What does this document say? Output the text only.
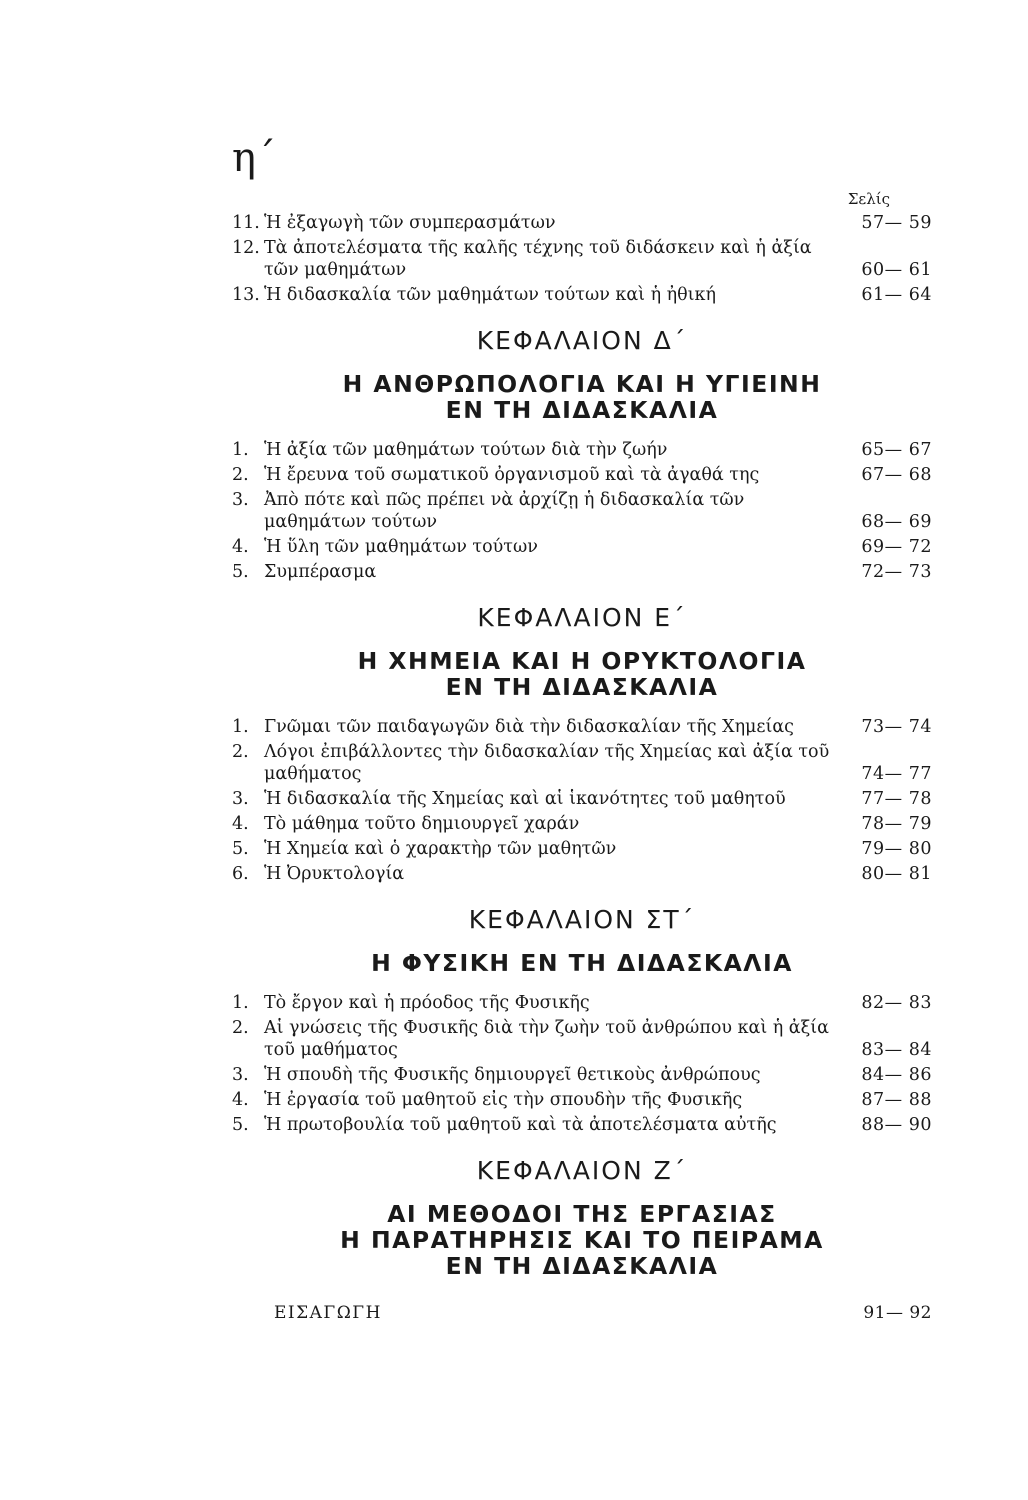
η΄
Σελίς
11. Ἡ ἐξαγωγὴ τῶν συμπερασμάτων	57— 59
12. Τὰ ἀποτελέσματα τῆς καλῆς τέχνης τοῦ διδάσκειν καὶ ἡ ἀξία τῶν μαθημάτων	60— 61
13. Ἡ διδασκαλία τῶν μαθημάτων τούτων καὶ ἡ ἠθική	61— 64
ΚΕΦΑΛΑΙΟΝ Δ΄
Η ΑΝΘΡΩΠΟΛΟΓΙΑ ΚΑΙ Η ΥΓΙΕΙΝΗ
ΕΝ ΤΗ ΔΙΔΑΣΚΑΛΙΑ
1. Ἡ ἀξία τῶν μαθημάτων τούτων διὰ τὴν ζωήν	65— 67
2. Ἡ ἔρευνα τοῦ σωματικοῦ ὀργανισμοῦ καὶ τὰ ἀγαθά της	67— 68
3. Ἀπὸ πότε καὶ πῶς πρέπει νὰ ἀρχίζῃ ἡ διδασκαλία τῶν μαθημάτων τούτων	68— 69
4. Ἡ ὕλη τῶν μαθημάτων τούτων	69— 72
5. Συμπέρασμα	72— 73
ΚΕΦΑΛΑΙΟΝ Ε΄
Η ΧΗΜΕΙΑ ΚΑΙ Η ΟΡΥΚΤΟΛΟΓΙΑ
ΕΝ ΤΗ ΔΙΔΑΣΚΑΛΙΑ
1. Γνῶμαι τῶν παιδαγωγῶν διὰ τὴν διδασκαλίαν τῆς Χημείας	73— 74
2. Λόγοι ἐπιβάλλοντες τὴν διδασκαλίαν τῆς Χημείας καὶ ἀξία τοῦ μαθήματος	74— 77
3. Ἡ διδασκαλία τῆς Χημείας καὶ αἱ ἱκανότητες τοῦ μαθητοῦ	77— 78
4. Τὸ μάθημα τοῦτο δημιουργεῖ χαράν	78— 79
5. Ἡ Χημεία καὶ ὁ χαρακτὴρ τῶν μαθητῶν	79— 80
6. Ἡ Ὀρυκτολογία	80— 81
ΚΕΦΑΛΑΙΟΝ ΣΤ΄
Η ΦΥΣΙΚΗ ΕΝ ΤΗ ΔΙΔΑΣΚΑΛΙΑ
1. Τὸ ἔργον καὶ ἡ πρόοδος τῆς Φυσικῆς	82— 83
2. Αἱ γνώσεις τῆς Φυσικῆς διὰ τὴν ζωὴν τοῦ ἀνθρώπου καὶ ἡ ἀξία τοῦ μαθήματος	83— 84
3. Ἡ σπουδὴ τῆς Φυσικῆς δημιουργεῖ θετικοὺς ἀνθρώπους	84— 86
4. Ἡ ἐργασία τοῦ μαθητοῦ εἰς τὴν σπουδὴν τῆς Φυσικῆς	87— 88
5. Ἡ πρωτοβουλία τοῦ μαθητοῦ καὶ τὰ ἀποτελέσματα αὐτῆς	88— 90
ΚΕΦΑΛΑΙΟΝ Ζ΄
ΑΙ ΜΕΘΟΔΟΙ ΤΗΣ ΕΡΓΑΣΙΑΣ
Η ΠΑΡΑΤΗΡΗΣΙΣ ΚΑΙ ΤΟ ΠΕΙΡΑΜΑ
ΕΝ ΤΗ ΔΙΔΑΣΚΑΛΙΑ
ΕΙΣΑΓΩΓΗ	91— 92
